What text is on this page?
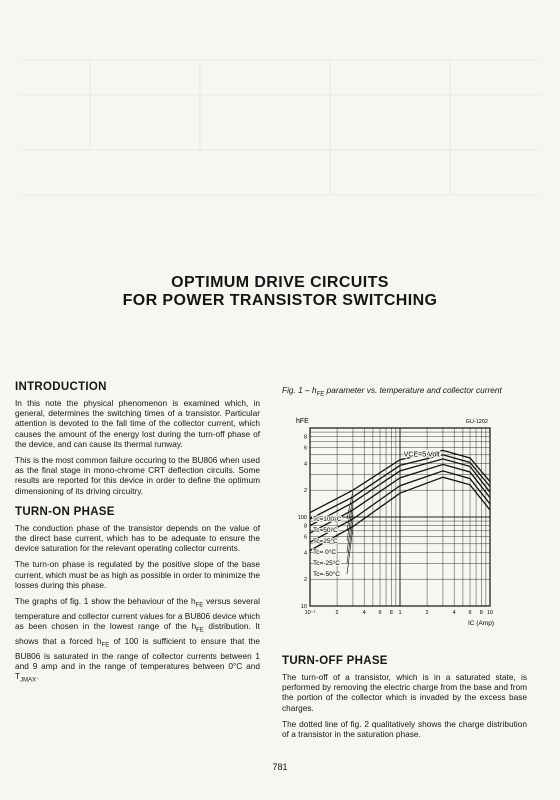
OPTIMUM DRIVE CIRCUITS
FOR POWER TRANSISTOR SWITCHING
INTRODUCTION

In this note the physical phenomenon is examined which, in general, determines the switching times of a transistor. Particular attention is devoted to the fall time of the collector current, which causes the amount of the energy lost during the turn-off phase of the device, and can cause its thermal runway.

This is the most common failure occuring to the BU806 when used as the final stage in mono-chrome CRT deflection circuits. Some results are reported for this device in order to define the optimum dimensioning of its driving circuitry.

TURN-ON PHASE

The conduction phase of the transistor depends on the value of the direct base current, which has to be adequate to ensure the device saturation for the relevant operating collector currents.

The turn-on phase is regulated by the positive slope of the base current, which must be as high as possible in order to minimize the losses during this phase.

The graphs of fig. 1 show the behaviour of the $h_{FE}$ versus several temperature and collector current values for a BU806 device which as been chosen in the lowest range of the $h_{FE}$ distribution. It shows that a forced $h_{FE}$ of 100 is sufficient to ensure that the BU806 is saturated in the range of collector currents between 1 and 9 amp and in the range of temperatures between 0°C and $T_{JMAX}$.

Fig. $1 - h_{FE}$ parameter vs. temperature and collector current
8
6
4
2
100
8
6
4
2
10
10⁻¹	2	4 6 8 1	2	4 6 8 10
hFE
IC (Amp)
GU-1202
VCE=5 Volt
Tc=100°C
Tc=50°C
Tc=25°C
Tc= 0°C
Tc=-25°C
Tc=-50°C
TURN-OFF PHASE

The turn-off of a transistor, which is in a saturated state, is performed by removing the electric charge from the base and from the portion of the collector which is invaded by the excess base charges.

The dotted line of fig. 2 qualitatively shows the charge distribution of a transistor in the saturation phase.

781
